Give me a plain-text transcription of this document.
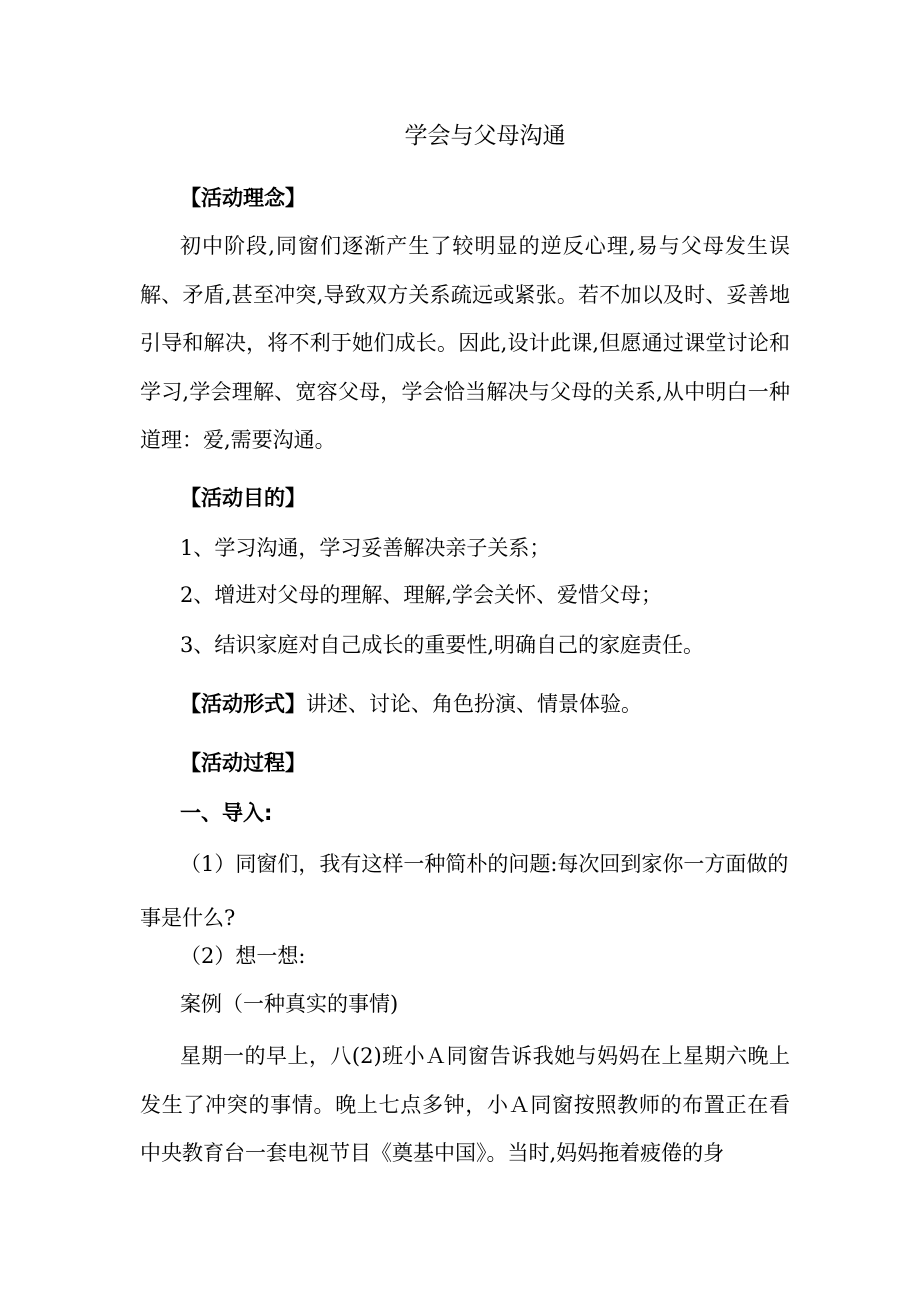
学会与父母沟通
【活动理念】
初中阶段,同窗们逐渐产生了较明显的逆反心理,易与父母发生误解、矛盾,甚至冲突,导致双方关系疏远或紧张。若不加以及时、妥善地引导和解决，将不利于她们成长。因此,设计此课,但愿通过课堂讨论和学习,学会理解、宽容父母，学会恰当解决与父母的关系,从中明白一种道理：爱,需要沟通。
【活动目的】
1、学习沟通，学习妥善解决亲子关系；
2、增进对父母的理解、理解,学会关怀、爱惜父母；
3、结识家庭对自己成长的重要性,明确自己的家庭责任。
【活动形式】讲述、讨论、角色扮演、情景体验。
【活动过程】
一、导入:
（1）同窗们，我有这样一种简朴的问题:每次回到家你一方面做的事是什么?
（2）想一想:
案例（一种真实的事情)
星期一的早上，八(2)班小Ａ同窗告诉我她与妈妈在上星期六晚上发生了冲突的事情。晚上七点多钟，小Ａ同窗按照教师的布置正在看中央教育台一套电视节目《奠基中国》。当时,妈妈拖着疲倦的身
